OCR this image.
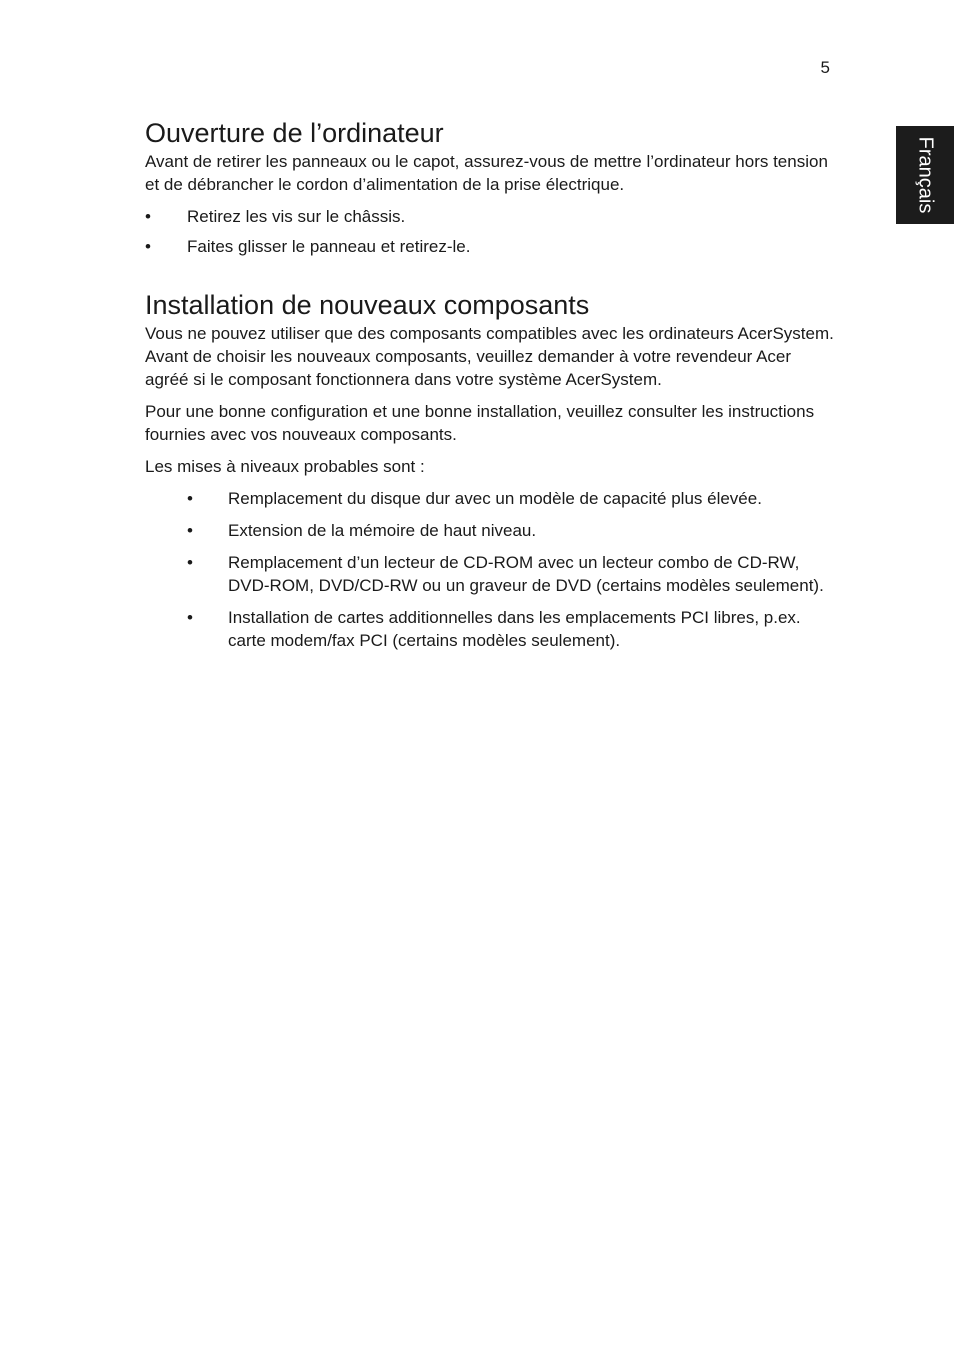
5
Français
Ouverture de l’ordinateur

Avant de retirer les panneaux ou le capot, assurez-vous de mettre l’ordinateur hors tension et de débrancher le cordon d’alimentation de la prise électrique.

• Retirez les vis sur le châssis.
• Faites glisser le panneau et retirez-le.
Installation de nouveaux composants

Vous ne pouvez utiliser que des composants compatibles avec les ordinateurs AcerSystem. Avant de choisir les nouveaux composants, veuillez demander à votre revendeur Acer agréé si le composant fonctionnera dans votre système AcerSystem.

Pour une bonne configuration et une bonne installation, veuillez consulter les instructions fournies avec vos nouveaux composants.

Les mises à niveaux probables sont :

• Remplacement du disque dur avec un modèle de capacité plus élevée.
• Extension de la mémoire de haut niveau.
• Remplacement d’un lecteur de CD-ROM avec un lecteur combo de CD-RW, DVD-ROM, DVD/CD-RW ou un graveur de DVD (certains modèles seulement).
• Installation de cartes additionnelles dans les emplacements PCI libres, p.ex. carte modem/fax PCI (certains modèles seulement).
